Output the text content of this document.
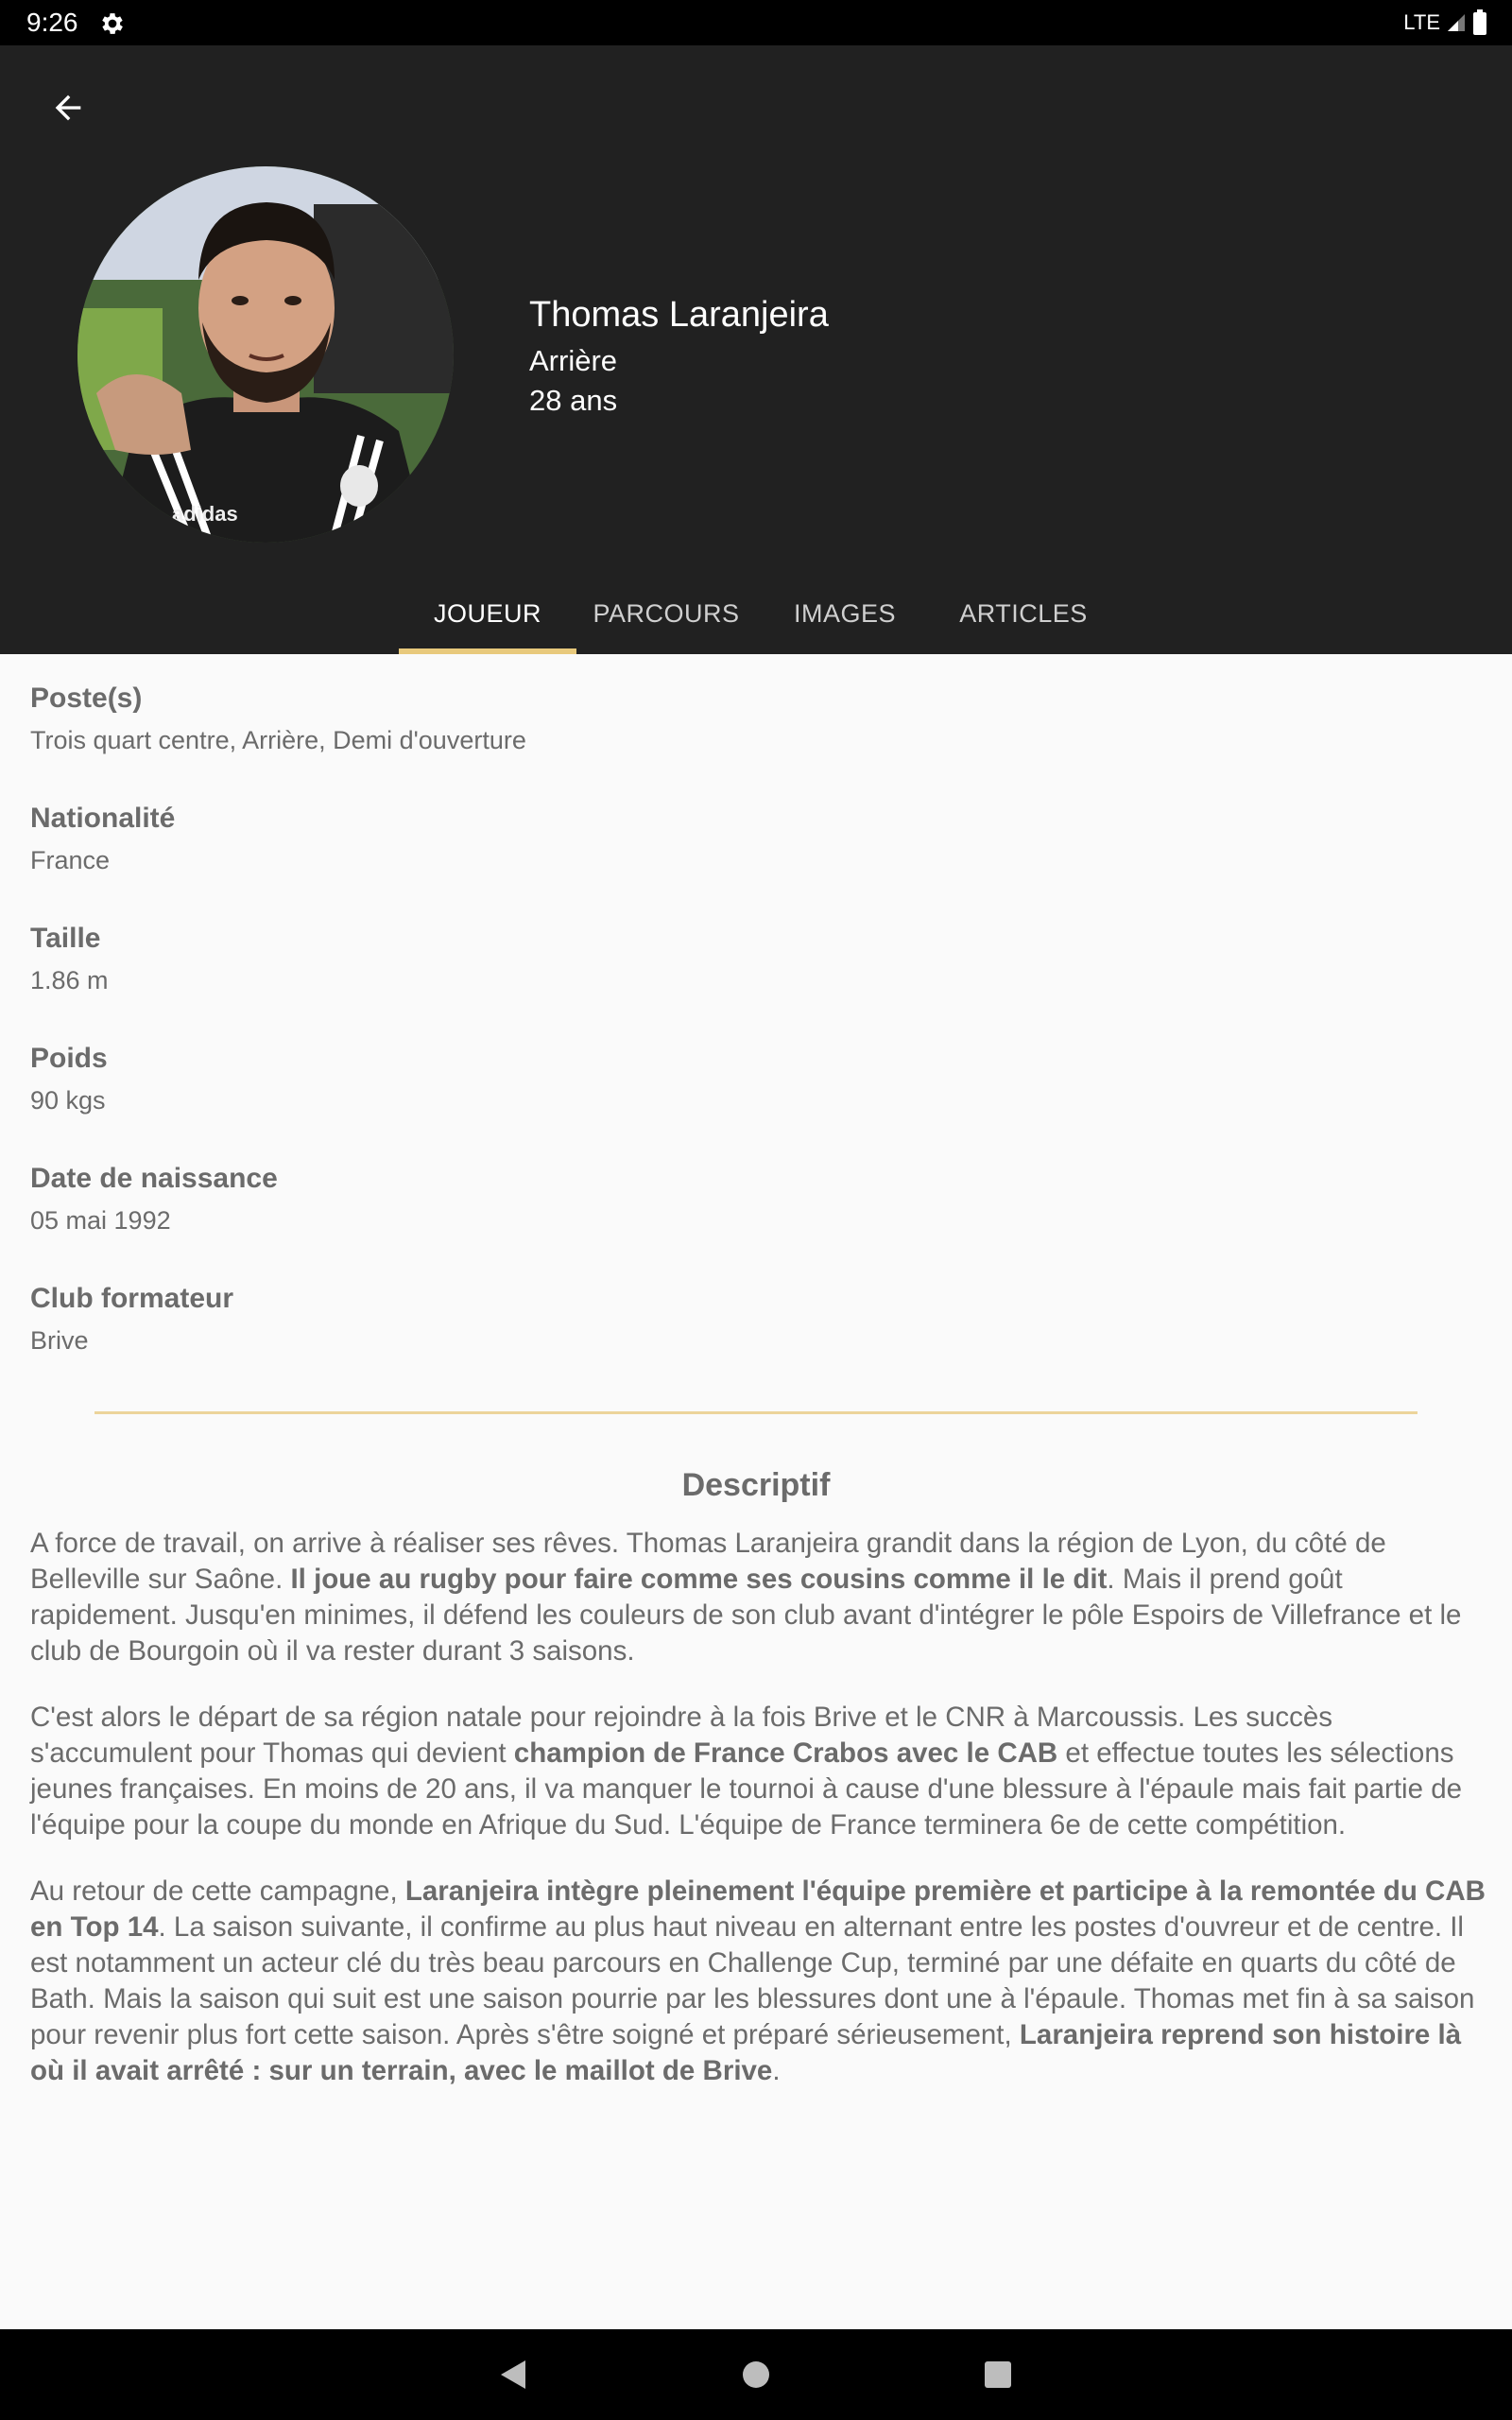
9:26	LTE
adidas
Thomas Laranjeira
Arrière
28 ans
JOUEUR	PARCOURS	IMAGES	ARTICLES
Poste(s)
Trois quart centre, Arrière, Demi d'ouverture
Nationalité
France
Taille
1.86 m
Poids
90 kgs
Date de naissance
05 mai 1992
Club formateur
Brive
Descriptif

A force de travail, on arrive à réaliser ses rêves. Thomas Laranjeira grandit dans la région de Lyon, du côté de Belleville sur Saône. Il joue au rugby pour faire comme ses cousins comme il le dit. Mais il prend goût rapidement. Jusqu'en minimes, il défend les couleurs de son club avant d'intégrer le pôle Espoirs de Villefrance et le club de Bourgoin où il va rester durant 3 saisons.

C'est alors le départ de sa région natale pour rejoindre à la fois Brive et le CNR à Marcoussis. Les succès s'accumulent pour Thomas qui devient champion de France Crabos avec le CAB et effectue toutes les sélections jeunes françaises. En moins de 20 ans, il va manquer le tournoi à cause d'une blessure à l'épaule mais fait partie de l'équipe pour la coupe du monde en Afrique du Sud. L'équipe de France terminera 6e de cette compétition.

Au retour de cette campagne, Laranjeira intègre pleinement l'équipe première et participe à la remontée du CAB en Top 14. La saison suivante, il confirme au plus haut niveau en alternant entre les postes d'ouvreur et de centre. Il est notamment un acteur clé du très beau parcours en Challenge Cup, terminé par une défaite en quarts du côté de Bath. Mais la saison qui suit est une saison pourrie par les blessures dont une à l'épaule. Thomas met fin à sa saison pour revenir plus fort cette saison. Après s'être soigné et préparé sérieusement, Laranjeira reprend son histoire là où il avait arrêté : sur un terrain, avec le maillot de Brive.
